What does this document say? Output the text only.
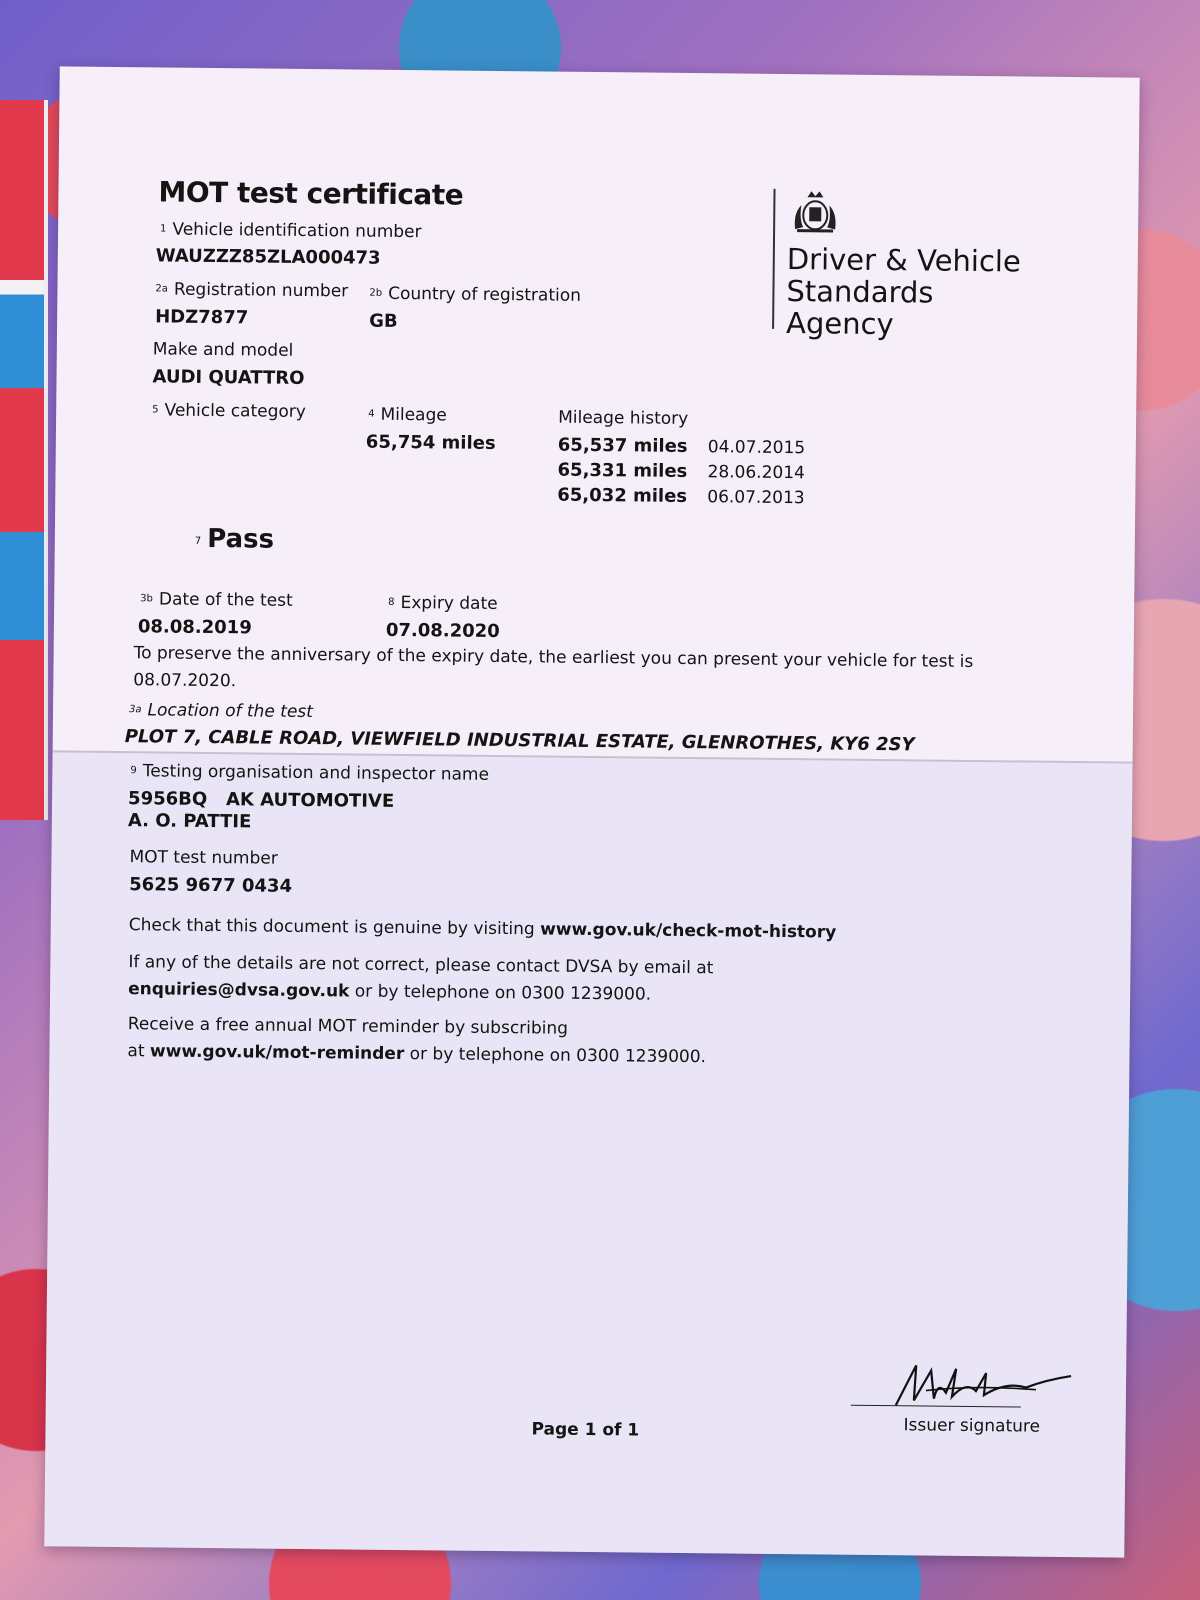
MOT test certificate
Driver & Vehicle
Standards
Agency
1 Vehicle identification number
WAUZZZ85ZLA000473
2a Registration number
HDZ7877
2b Country of registration
GB
Make and model
AUDI QUATTRO
5 Vehicle category	4 Mileage
65,754 miles
Mileage history
65,537 miles 04.07.2015
65,331 miles 28.06.2014
65,032 miles 06.07.2013
7 Pass
3b Date of the test
08.08.2019
8 Expiry date
07.08.2020
To preserve the anniversary of the expiry date, the earliest you can present your vehicle for test is
08.07.2020.
3a Location of the test
PLOT 7, CABLE ROAD, VIEWFIELD INDUSTRIAL ESTATE, GLENROTHES, KY6 2SY
9 Testing organisation and inspector name
5956BQ AK AUTOMOTIVE
A. O. PATTIE
MOT test number
5625 9677 0434
Check that this document is genuine by visiting www.gov.uk/check-mot-history
If any of the details are not correct, please contact DVSA by email at
enquiries@dvsa.gov.uk or by telephone on 0300 1239000.
Receive a free annual MOT reminder by subscribing
at www.gov.uk/mot-reminder or by telephone on 0300 1239000.
Page 1 of 1	Issuer signature
